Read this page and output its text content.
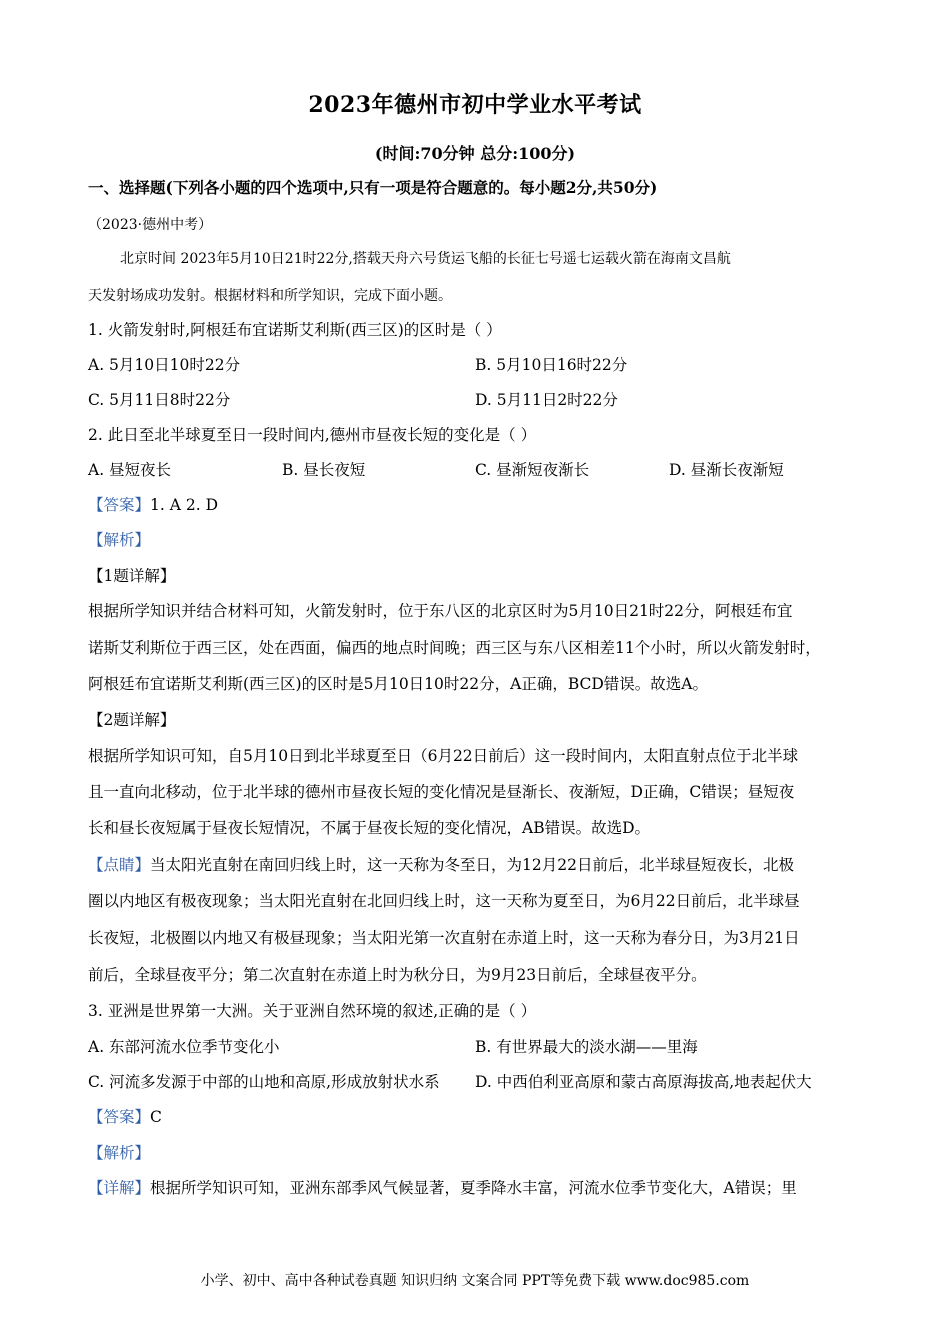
2023年德州市初中学业水平考试
(时间:70分钟 总分:100分)
一、选择题(下列各小题的四个选项中,只有一项是符合题意的。每小题2分,共50分)
（2023·德州中考）
北京时间 2023年5月10日21时22分,搭载天舟六号货运飞船的长征七号遥七运载火箭在海南文昌航
天发射场成功发射。根据材料和所学知识，完成下面小题。
1. 火箭发射时,阿根廷布宜诺斯艾利斯(西三区)的区时是（ ）
A. 5月10日10时22分	B. 5月10日16时22分
C. 5月11日8时22分	D. 5月11日2时22分
2. 此日至北半球夏至日一段时间内,德州市昼夜长短的变化是（ ）
A. 昼短夜长	B. 昼长夜短	C. 昼渐短夜渐长	D. 昼渐长夜渐短
【答案】1. A 2. D
【解析】
【1题详解】
根据所学知识并结合材料可知，火箭发射时，位于东八区的北京区时为5月10日21时22分，阿根廷布宜
诺斯艾利斯位于西三区，处在西面，偏西的地点时间晚；西三区与东八区相差11个小时，所以火箭发射时，
阿根廷布宜诺斯艾利斯(西三区)的区时是5月10日10时22分，A正确，BCD错误。故选A。
【2题详解】
根据所学知识可知，自5月10日到北半球夏至日（6月22日前后）这一段时间内，太阳直射点位于北半球
且一直向北移动，位于北半球的德州市昼夜长短的变化情况是昼渐长、夜渐短，D正确，C错误；昼短夜
长和昼长夜短属于昼夜长短情况，不属于昼夜长短的变化情况，AB错误。故选D。
【点睛】当太阳光直射在南回归线上时，这一天称为冬至日，为12月22日前后，北半球昼短夜长，北极
圈以内地区有极夜现象；当太阳光直射在北回归线上时，这一天称为夏至日，为6月22日前后，北半球昼
长夜短，北极圈以内地又有极昼现象；当太阳光第一次直射在赤道上时，这一天称为春分日，为3月21日
前后，全球昼夜平分；第二次直射在赤道上时为秋分日，为9月23日前后，全球昼夜平分。
3. 亚洲是世界第一大洲。关于亚洲自然环境的叙述,正确的是（ ）
A. 东部河流水位季节变化小	B. 有世界最大的淡水湖——里海
C. 河流多发源于中部的山地和高原,形成放射状水系 D. 中西伯利亚高原和蒙古高原海拔高,地表起伏大
【答案】C
【解析】
【详解】根据所学知识可知，亚洲东部季风气候显著，夏季降水丰富，河流水位季节变化大，A错误；里
小学、初中、高中各种试卷真题 知识归纳 文案合同 PPT等免费下载 www.doc985.com
